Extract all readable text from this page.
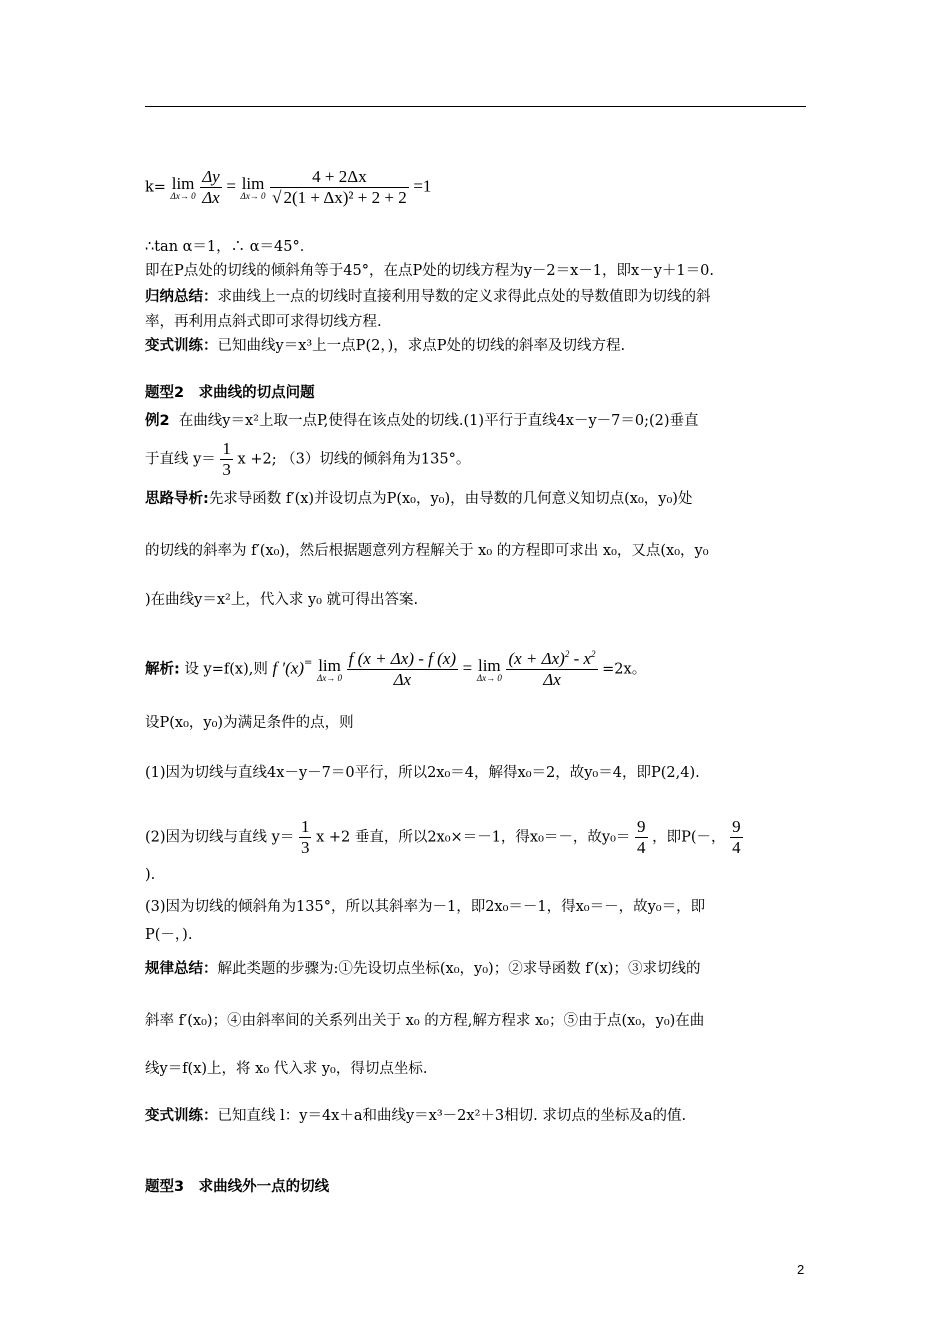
k= lim
Δx→ 0
$\frac{\Delta y}{\Delta x} = \lim$
Δx→ 0
$\frac{4 + 2\Delta x}{\text{√ 2(1 + Δx)² + 2 + 2}} =1$
∴tan α＝1，∴ α＝45°．
即在P点处的切线的倾斜角等于45°，在点P处的切线方程为y－2＝x－1，即x－y＋1＝0.
归纳总结：求曲线上一点的切线时直接利用导数的定义求得此点处的导数值即为切线的斜
率，再利用点斜式即可求得切线方程.
变式训练：已知曲线y＝x³上一点P(2，)，求点P处的切线的斜率及切线方程.
题型2　求曲线的切点问题
例2 在曲线y＝x²上取一点P,使得在该点处的切线.(1)平行于直线4x－y－7＝0;(2)垂直
于直线 $y= \frac{1}{3}$ x +2; （3）切线的倾斜角为135°。
思路导析:先求导函数 f′(x)并设切点为P(x₀，y₀)，由导数的几何意义知切点(x₀，y₀)处
的切线的斜率为 f′(x₀)，然后根据题意列方程解关于 x₀ 的方程即可求出 x₀，又点(x₀，y₀
)在曲线y＝x²上，代入求 y₀ 就可得出答案.
解析: 设 y=f(x),则 f ′(x)= lim
Δx→ 0
$\frac{f (x + \Delta x) - f (x)}{\Delta x} = \lim$
Δx→ 0
$\frac{(x + \Delta x)^2 - x^2}{\Delta x} =2x$。
设P(x₀，y₀)为满足条件的点，则
(1)因为切线与直线4x－y－7＝0平行，所以2x₀＝4，解得x₀＝2，故y₀＝4，即P(2,4).
(2)因为切线与直线 $y= \frac{1}{3}$ x +2 垂直，所以2x₀×＝－1，得x₀＝－，故$y_0= \frac{9}{4}$ ，即P(－， $\frac{9}{4}$
).
(3)因为切线的倾斜角为135°，所以其斜率为－1，即2x₀＝－1，得x₀＝－，故y₀＝，即
P(－，).
规律总结：解此类题的步骤为:①先设切点坐标(x₀，y₀)；②求导函数 f′(x)；③求切线的
斜率 f′(x₀)；④由斜率间的关系列出关于 x₀ 的方程,解方程求 x₀；⑤由于点(x₀，y₀)在曲
线y＝f(x)上，将 x₀ 代入求 y₀，得切点坐标.
变式训练：已知直线 l：y＝4x＋a和曲线y＝x³－2x²＋3相切. 求切点的坐标及a的值.
题型3　求曲线外一点的切线
2
